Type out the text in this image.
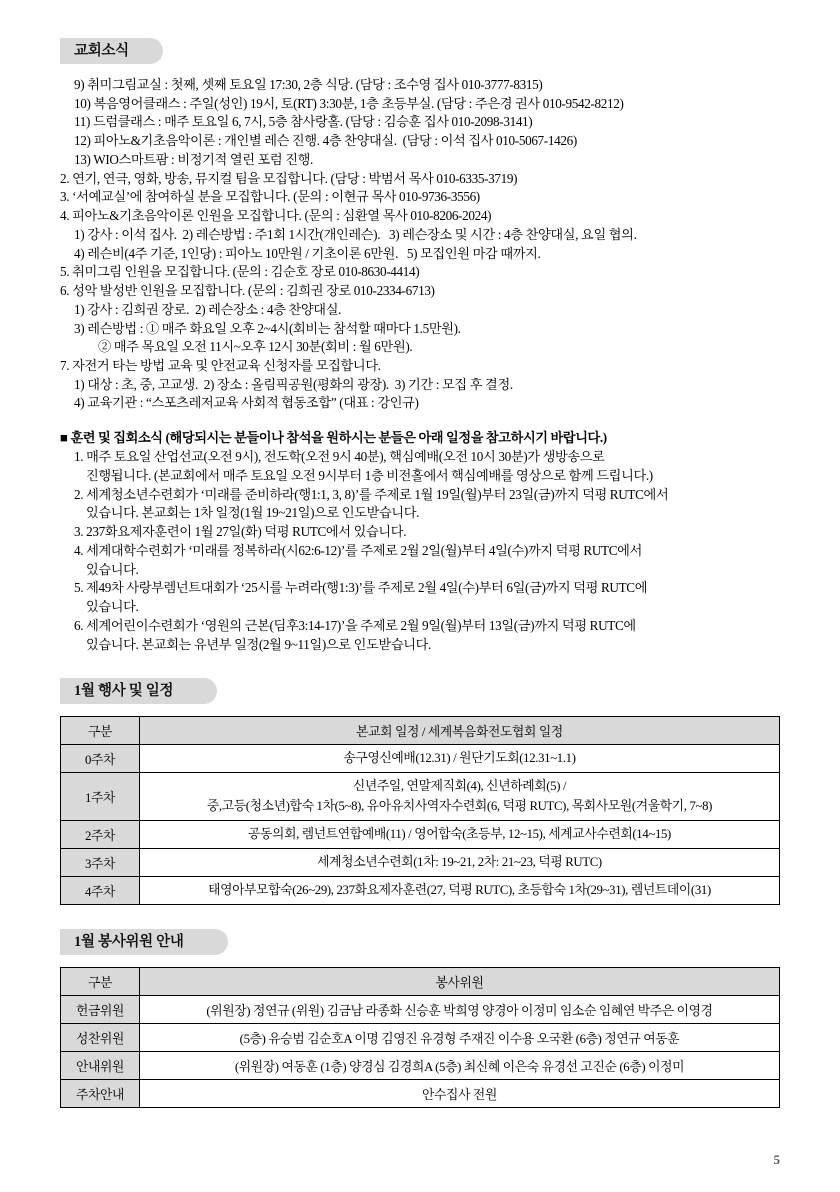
교회소식
9) 취미그림교실 : 첫째, 셋째 토요일 17:30, 2층 식당. (담당 : 조수영 집사 010-3777-8315)
10) 복음영어클래스 : 주일(성인) 19시, 토(RT) 3:30분, 1층 초등부실. (담당 : 주은경 권사 010-9542-8212)
11) 드럼클래스 : 매주 토요일 6, 7시, 5층 참사랑홀. (담당 : 김승훈 집사 010-2098-3141)
12) 피아노&기초음악이론 : 개인별 레슨 진행. 4층 찬양대실.  (담당 : 이석 집사 010-5067-1426)
13) WIO스마트팜 : 비정기적 열린 포럼 진행.
2. 연기, 연극, 영화, 방송, 뮤지컬 팀을 모집합니다. (담당 : 박범서 목사 010-6335-3719)
3. ‘서예교실’에 참여하실 분을 모집합니다. (문의 : 이현규 목사 010-9736-3556)
4. 피아노&기초음악이론 인원을 모집합니다. (문의 : 심환열 목사 010-8206-2024)
1) 강사 : 이석 집사.  2) 레슨방법 : 주1회 1시간(개인레슨).   3) 레슨장소 및 시간 : 4층 찬양대실, 요일 협의.
4) 레슨비(4주 기준, 1인당) : 피아노 10만원 / 기초이론 6만원.   5) 모집인원 마감 때까지.
5. 취미그림 인원을 모집합니다. (문의 : 김순호 장로 010-8630-4414)
6. 성악 발성반 인원을 모집합니다. (문의 : 김희권 장로 010-2334-6713)
1) 강사 : 김희권 장로.  2) 레슨장소 : 4층 찬양대실.
3) 레슨방법 : ① 매주 화요일 오후 2~4시(회비는 참석할 때마다 1.5만원).
② 매주 목요일 오전 11시~오후 12시 30분(회비 : 월 6만원).
7. 자전거 타는 방법 교육 및 안전교육 신청자를 모집합니다.
1) 대상 : 초, 중, 고교생.  2) 장소 : 올림픽공원(평화의 광장).  3) 기간 : 모집 후 결정.
4) 교육기관 : “스포츠레저교육 사회적 협동조합” (대표 : 강인규)
■ 훈련 및 집회소식 (해당되시는 분들이나 참석을 원하시는 분들은 아래 일정을 참고하시기 바랍니다.)
1. 매주 토요일 산업선교(오전 9시), 전도학(오전 9시 40분), 핵심예배(오전 10시 30분)가 생방송으로
진행됩니다. (본교회에서 매주 토요일 오전 9시부터 1층 비전홀에서 핵심예배를 영상으로 함께 드립니다.)
2. 세계청소년수련회가 ‘미래를 준비하라(행1:1, 3, 8)’를 주제로 1월 19일(월)부터 23일(금)까지 덕평 RUTC에서
있습니다. 본교회는 1차 일정(1월 19~21일)으로 인도받습니다.
3. 237화요제자훈련이 1월 27일(화) 덕평 RUTC에서 있습니다.
4. 세계대학수련회가 ‘미래를 정복하라(시62:6-12)’를 주제로 2월 2일(월)부터 4일(수)까지 덕평 RUTC에서
있습니다.
5. 제49차 사랑부렘넌트대회가 ‘25시를 누려라(행1:3)’를 주제로 2월 4일(수)부터 6일(금)까지 덕평 RUTC에
있습니다.
6. 세계어린이수련회가 ‘영원의 근본(딤후3:14-17)’을 주제로 2월 9일(월)부터 13일(금)까지 덕평 RUTC에
있습니다. 본교회는 유년부 일정(2월 9~11일)으로 인도받습니다.
1월 행사 및 일정
구분	본교회 일정 / 세계복음화전도협회 일정
0주차	송구영신예배(12.31) / 원단기도회(12.31~1.1)

1주차	신년주일, 연말제직회(4), 신년하례회(5) /
중,고등(청소년)합숙 1차(5~8), 유아유치사역자수련회(6, 덕평 RUTC), 목회사모원(겨울학기, 7~8)

2주차	공동의회, 렘넌트연합예배(11) / 영어합숙(초등부, 12~15), 세계교사수련회(14~15)

3주차	세계청소년수련회(1차: 19~21, 2차: 21~23, 덕평 RUTC)

4주차	태영아부모합숙(26~29), 237화요제자훈련(27, 덕평 RUTC), 초등합숙 1차(29~31), 렘넌트데이(31)
1월 봉사위원 안내
구분	봉사위원
헌금위원	(위원장) 정연규 (위원) 김금남 라종화 신승훈 박희영 양경아 이정미 임소순 임혜연 박주은 이영경
성찬위원	(5층) 유승범 김순호A 이명 김영진 유경형 주재진 이수용 오국환 (6층) 정연규 여동훈
안내위원	(위원장) 여동훈 (1층) 양경심 김경희A (5층) 최신혜 이은숙 유경선 고진순 (6층) 이정미
주차안내	안수집사 전원
5
